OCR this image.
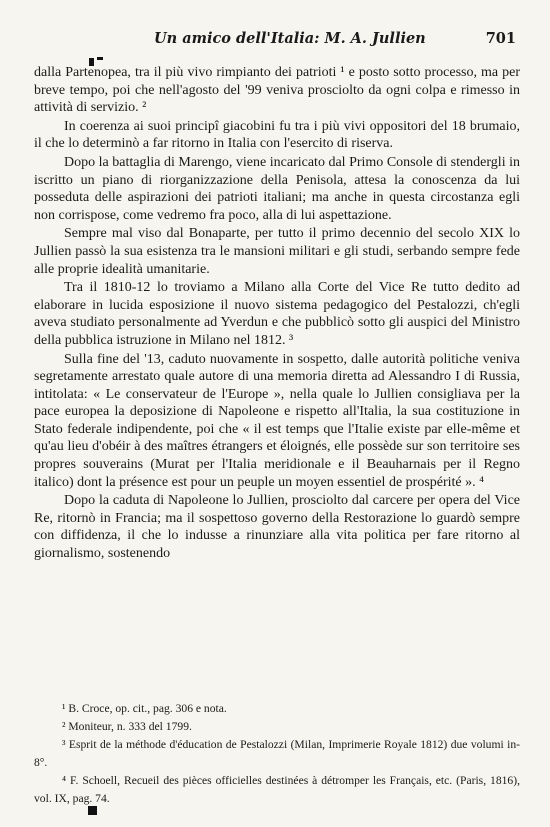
Un amico dell'Italia: M. A. Jullien	701

dalla Partenopea, tra il più vivo rimpianto dei patrioti ¹ e posto sotto processo, ma per breve tempo, poi che nell'agosto del '99 veniva prosciolto da ogni colpa e rimesso in attività di servizio. ²

In coerenza ai suoi principî giacobini fu tra i più vivi oppositori del 18 brumaio, il che lo determinò a far ritorno in Italia con l'esercito di riserva.

Dopo la battaglia di Marengo, viene incaricato dal Primo Console di stendergli in iscritto un piano di riorganizzazione della Penisola, attesa la conoscenza da lui posseduta delle aspirazioni dei patrioti italiani; ma anche in questa circostanza egli non corrispose, come vedremo fra poco, alla di lui aspettazione.

Sempre mal viso dal Bonaparte, per tutto il primo decennio del secolo XIX lo Jullien passò la sua esistenza tra le mansioni militari e gli studi, serbando sempre fede alle proprie idealità umanitarie.

Tra il 1810-12 lo troviamo a Milano alla Corte del Vice Re tutto dedito ad elaborare in lucida esposizione il nuovo sistema pedagogico del Pestalozzi, ch'egli aveva studiato personalmente ad Yverdun e che pubblicò sotto gli auspici del Ministro della pubblica istruzione in Milano nel 1812. ³

Sulla fine del '13, caduto nuovamente in sospetto, dalle autorità politiche veniva segretamente arrestato quale autore di una memoria diretta ad Alessandro I di Russia, intitolata: « Le conservateur de l'Europe », nella quale lo Jullien consigliava per la pace europea la deposizione di Napoleone e rispetto all'Italia, la sua costituzione in Stato federale indipendente, poi che « il est temps que l'Italie existe par elle-même et qu'au lieu d'obéir à des maîtres étrangers et éloignés, elle possède sur son territoire ses propres souverains (Murat per l'Italia meridionale e il Beauharnais per il Regno italico) dont la présence est pour un peuple un moyen essentiel de prospérité ». ⁴

Dopo la caduta di Napoleone lo Jullien, prosciolto dal carcere per opera del Vice Re, ritornò in Francia; ma il sospettoso governo della Restorazione lo guardò sempre con diffidenza, il che lo indusse a rinunziare alla vita politica per fare ritorno al giornalismo, sostenendo

¹ B. Croce, op. cit., pag. 306 e nota.

² Moniteur, n. 333 del 1799.

³ Esprit de la méthode d'éducation de Pestalozzi (Milan, Imprimerie Royale 1812) due volumi in-8°.

⁴ F. Schoell, Recueil des pièces officielles destinées à détromper les Français, etc. (Paris, 1816), vol. IX, pag. 74.
